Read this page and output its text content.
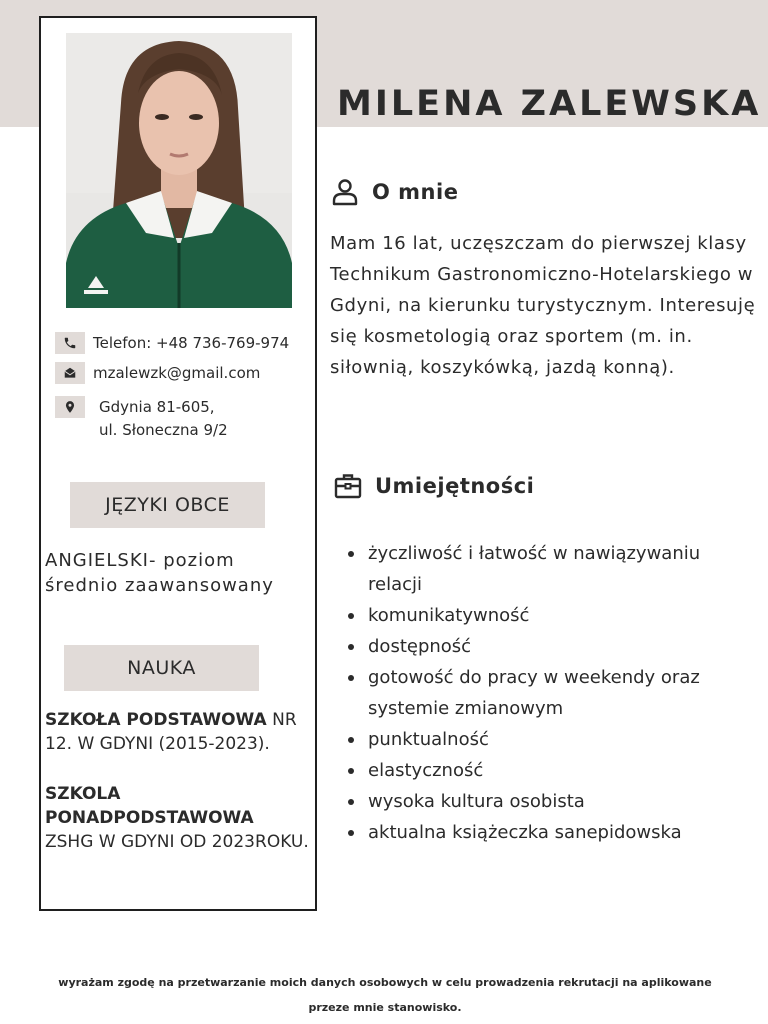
Telefon: +48 736-769-974
mzalewzk@gmail.com
Gdynia 81-605,
ul. Słoneczna 9/2
JĘZYKI OBCE
ANGIELSKI- poziom średnio zaawansowany
NAUKA
SZKOŁA PODSTAWOWA NR 12. W GDYNI (2015-2023).
SZKOLA PONADPODSTAWOWA
ZSHG W GDYNI OD 2023ROKU.
MILENA ZALEWSKA
O mnie

Mam 16 lat, uczęszczam do pierwszej klasy Technikum Gastronomiczno-Hotelarskiego w Gdyni, na kierunku turystycznym. Interesuję się kosmetologią oraz sportem (m. in. siłownią, koszykówką, jazdą konną).

Umiejętności
życzliwość i łatwość w nawiązywaniu relacji
komunikatywność
dostępność
gotowość do pracy w weekendy oraz systemie zmianowym
punktualność
elastyczność
wysoka kultura osobista
aktualna książeczka sanepidowska
wyrażam zgodę na przetwarzanie moich danych osobowych w celu prowadzenia rekrutacji na aplikowane
przeze mnie stanowisko.
